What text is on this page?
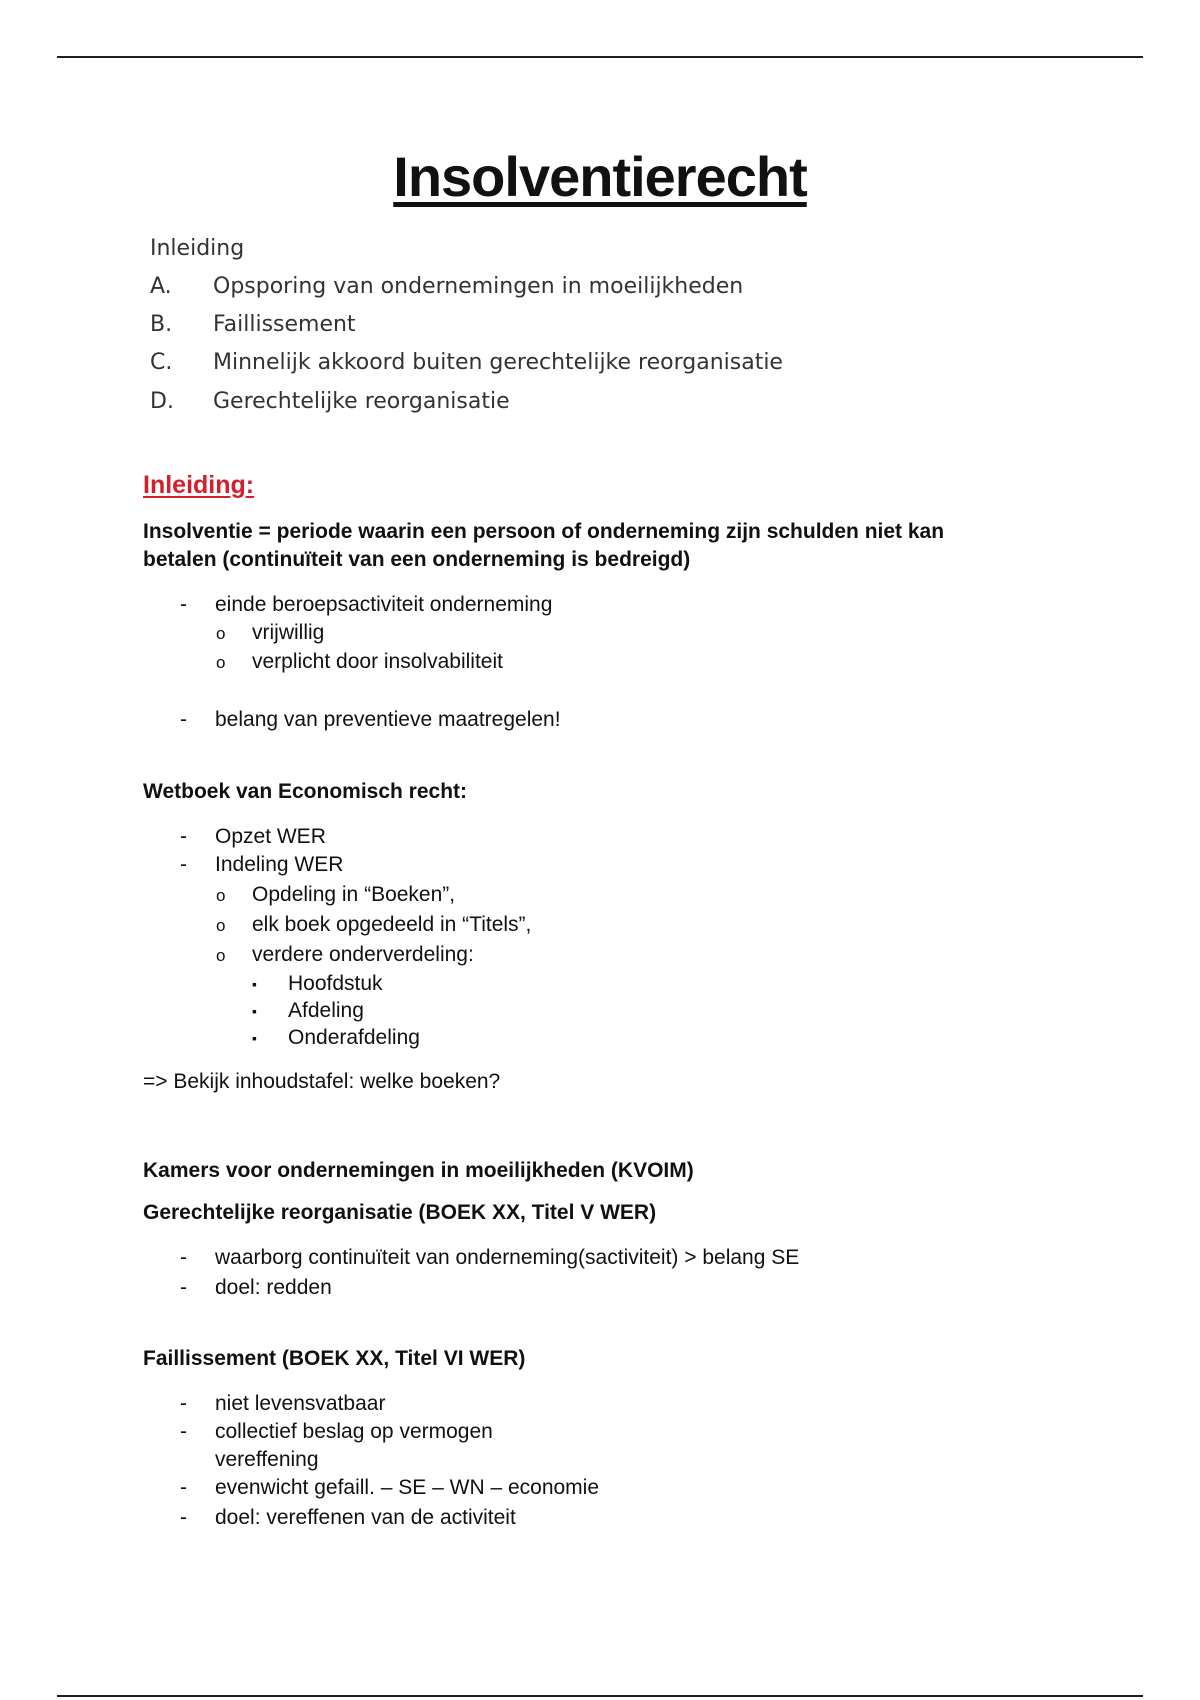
Insolventierecht
Inleiding
A. Opsporing van ondernemingen in moeilijkheden
B. Faillissement
C. Minnelijk akkoord buiten gerechtelijke reorganisatie
D. Gerechtelijke reorganisatie
Inleiding:
Insolventie = periode waarin een persoon of onderneming zijn schulden niet kan
betalen (continuïteit van een onderneming is bedreigd)
- einde beroepsactiviteit onderneming
o vrijwillig
o verplicht door insolvabiliteit
- belang van preventieve maatregelen!
Wetboek van Economisch recht:
- Opzet WER
- Indeling WER
o Opdeling in “Boeken”,
o elk boek opgedeeld in “Titels”,
o verdere onderverdeling:
▪ Hoofdstuk
▪ Afdeling
▪ Onderafdeling
=> Bekijk inhoudstafel: welke boeken?
Kamers voor ondernemingen in moeilijkheden (KVOIM)
Gerechtelijke reorganisatie (BOEK XX, Titel V WER)
- waarborg continuïteit van onderneming(sactiviteit) > belang SE
- doel: redden
Faillissement (BOEK XX, Titel VI WER)
- niet levensvatbaar
- collectief beslag op vermogen
vereffening
- evenwicht gefaill. – SE – WN – economie
- doel: vereffenen van de activiteit
